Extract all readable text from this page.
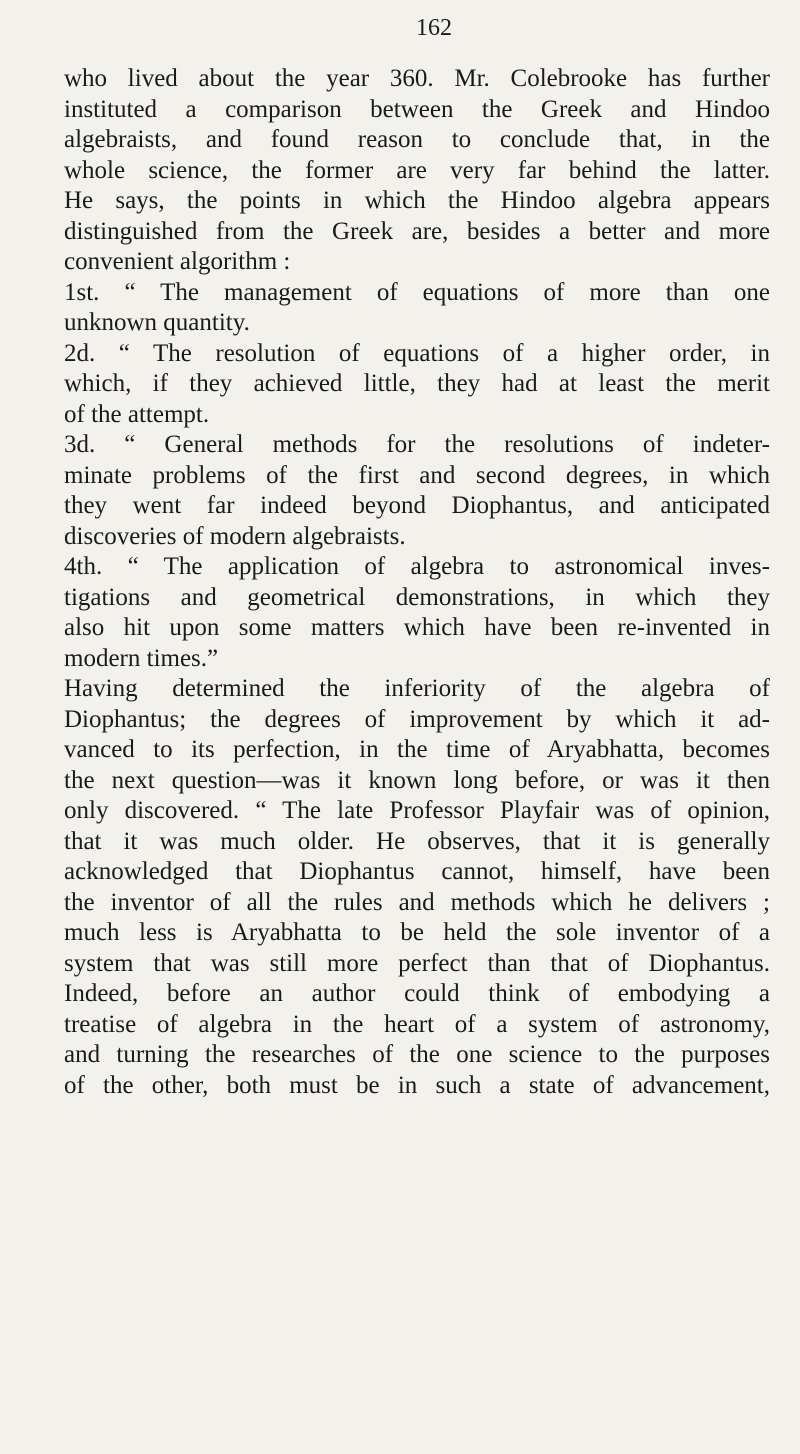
162
who lived about the year 360. Mr. Colebrooke has further
instituted a comparison between the Greek and Hindoo
algebraists, and found reason to conclude that, in the
whole science, the former are very far behind the latter.
He says, the points in which the Hindoo algebra appears
distinguished from the Greek are, besides a better and more
convenient algorithm :
1st. “ The management of equations of more than one
unknown quantity.
2d. “ The resolution of equations of a higher order, in
which, if they achieved little, they had at least the merit
of the attempt.
3d. “ General methods for the resolutions of indeter-
minate problems of the first and second degrees, in which
they went far indeed beyond Diophantus, and anticipated
discoveries of modern algebraists.
4th. “ The application of algebra to astronomical inves-
tigations and geometrical demonstrations, in which they
also hit upon some matters which have been re-invented in
modern times.”
Having determined the inferiority of the algebra of
Diophantus; the degrees of improvement by which it ad-
vanced to its perfection, in the time of Aryabhatta, becomes
the next question—was it known long before, or was it then
only discovered. “ The late Professor Playfair was of opinion,
that it was much older. He observes, that it is generally
acknowledged that Diophantus cannot, himself, have been
the inventor of all the rules and methods which he delivers ;
much less is Aryabhatta to be held the sole inventor of a
system that was still more perfect than that of Diophantus.
Indeed, before an author could think of embodying a
treatise of algebra in the heart of a system of astronomy,
and turning the researches of the one science to the purposes
of the other, both must be in such a state of advancement,
